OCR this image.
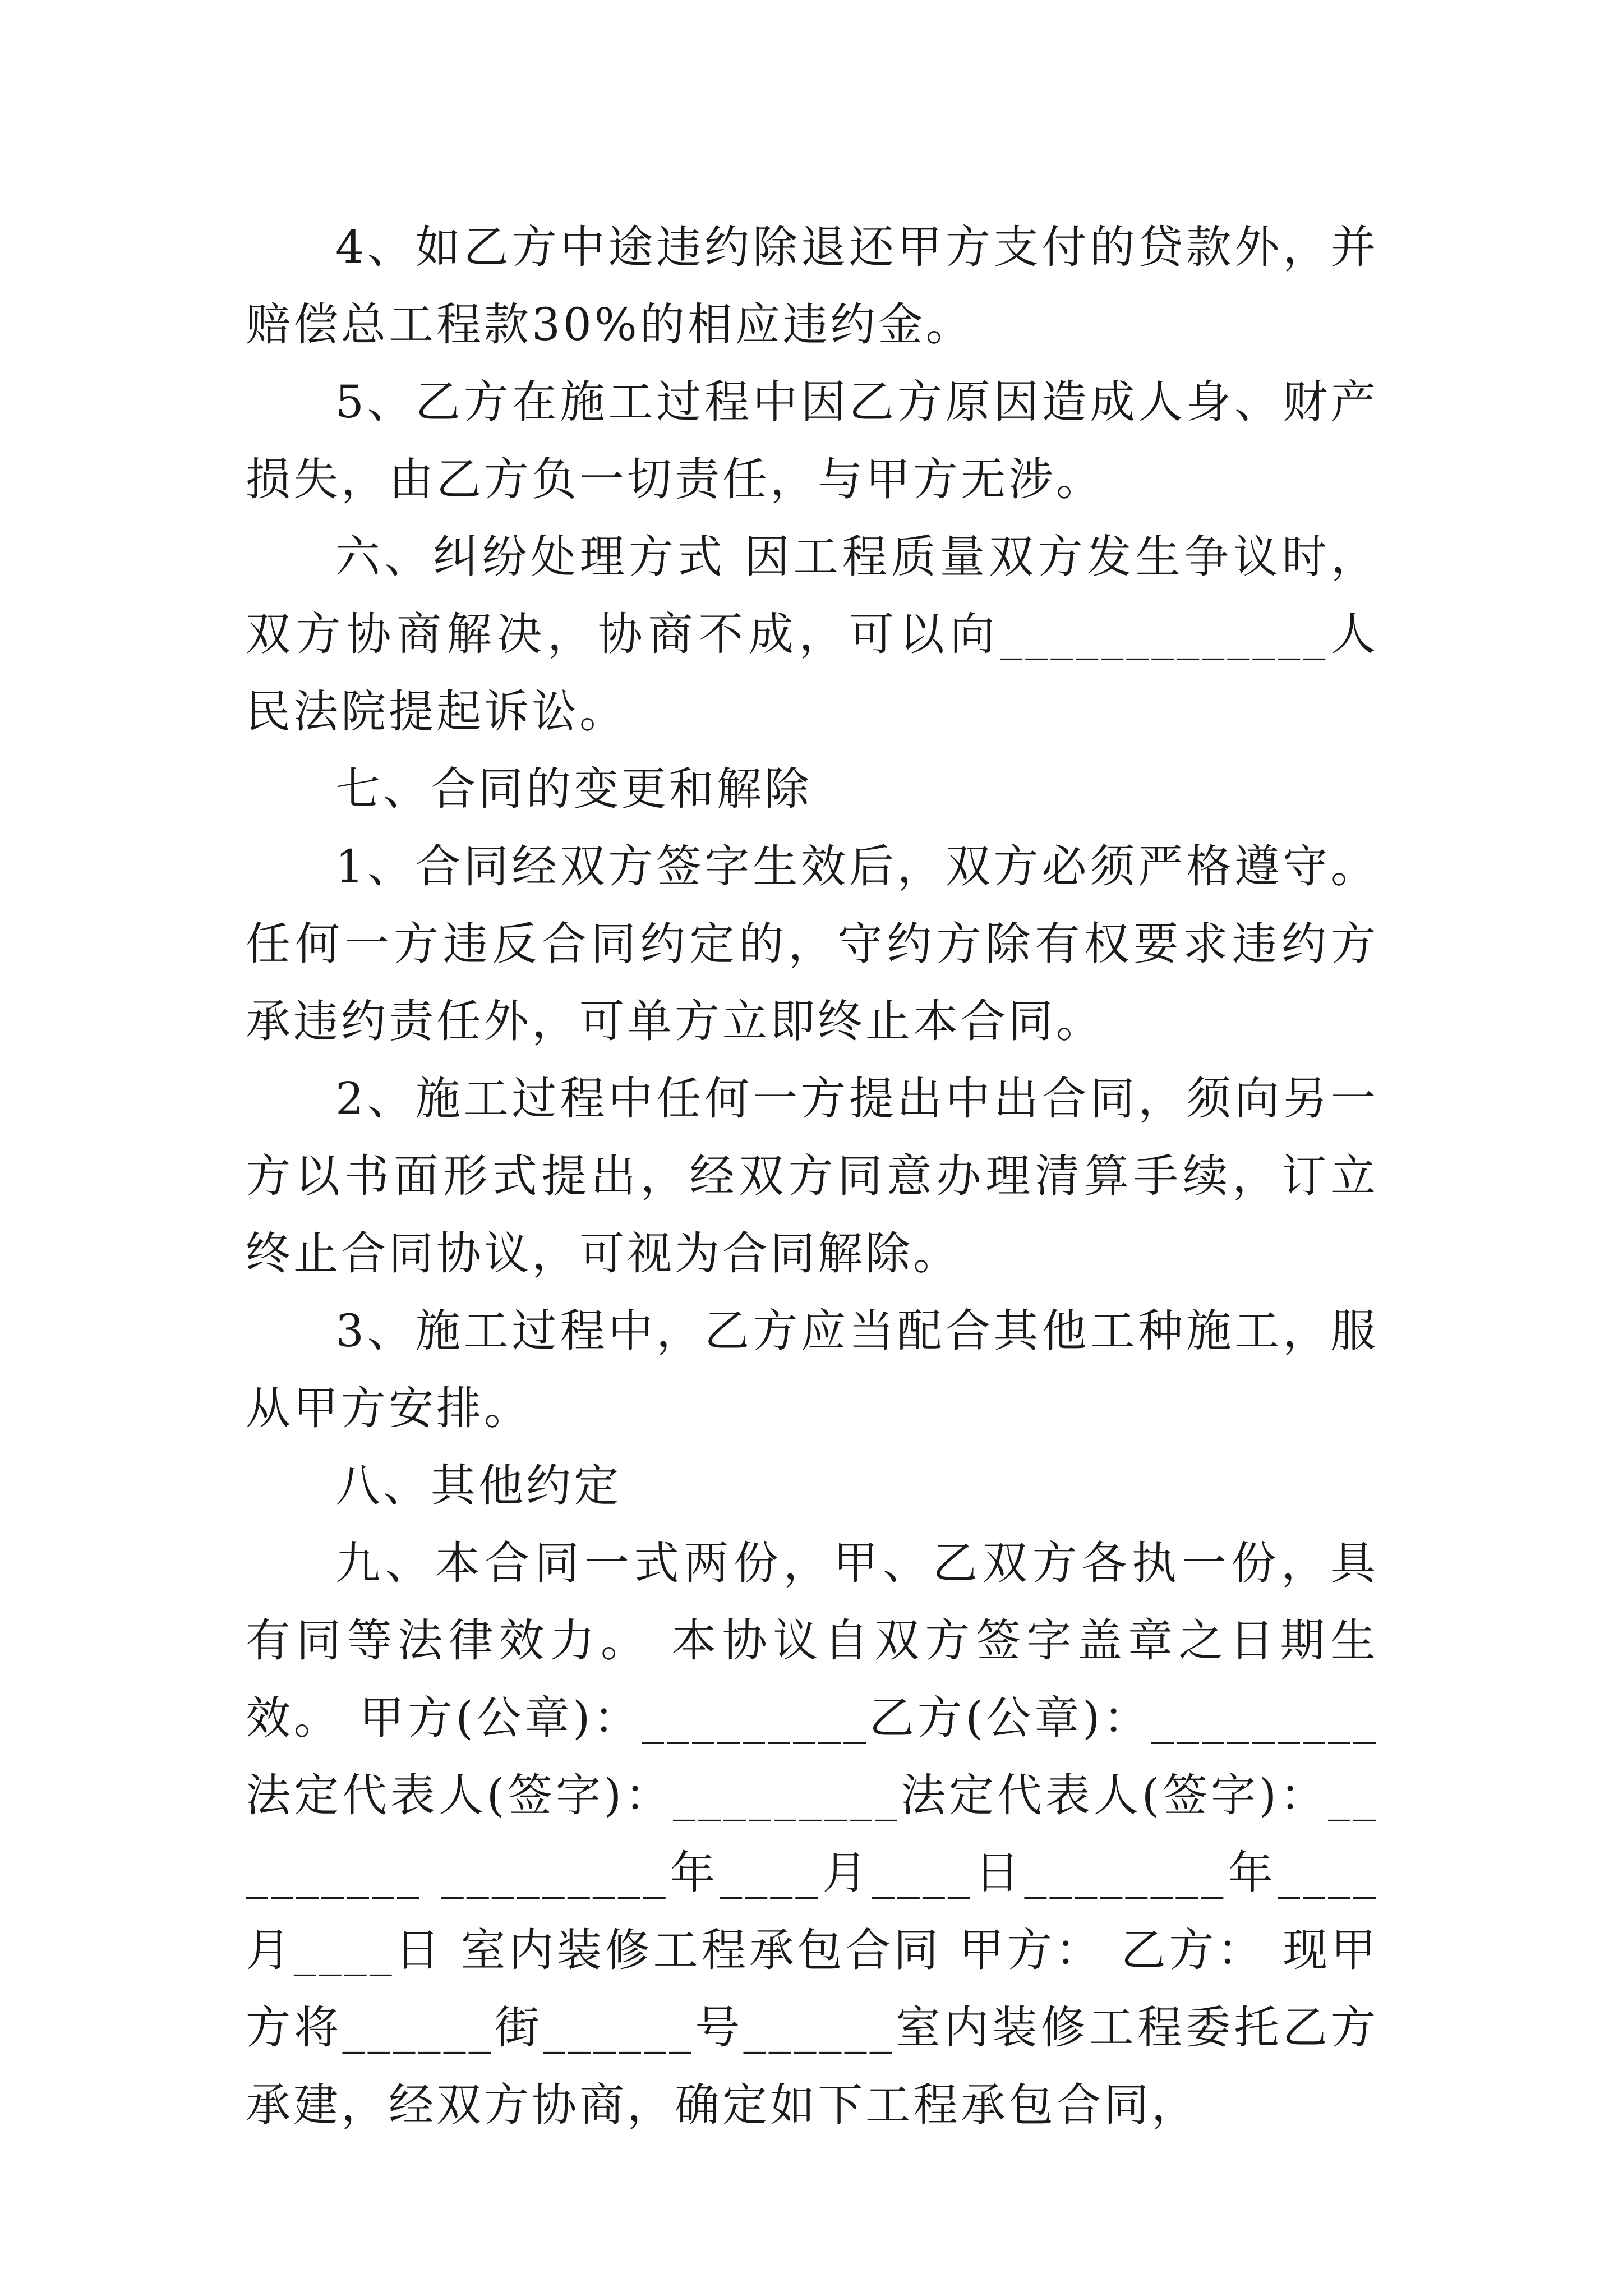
4、如乙方中途违约除退还甲方支付的贷款外，并赔偿总工程款30%的相应违约金。

5、乙方在施工过程中因乙方原因造成人身、财产损失，由乙方负一切责任，与甲方无涉。

六、纠纷处理方式 因工程质量双方发生争议时，双方协商解决，协商不成，可以向_____________人民法院提起诉讼。

七、合同的变更和解除

1、合同经双方签字生效后，双方必须严格遵守。任何一方违反合同约定的，守约方除有权要求违约方承违约责任外，可单方立即终止本合同。

2、施工过程中任何一方提出中出合同，须向另一方以书面形式提出，经双方同意办理清算手续，订立终止合同协议，可视为合同解除。

3、施工过程中，乙方应当配合其他工种施工，服从甲方安排。

八、其他约定

九、本合同一式两份，甲、乙双方各执一份，具有同等法律效力。 本协议自双方签字盖章之日期生效。 甲方(公章)：_________乙方(公章)：_________ 法定代表人(签字)：_________法定代表人(签字)：_________ _________年____月____日________年____月____日 室内装修工程承包合同 甲方： 乙方： 现甲方将______街______号______室内装修工程委托乙方承建，经双方协商，确定如下工程承包合同，
